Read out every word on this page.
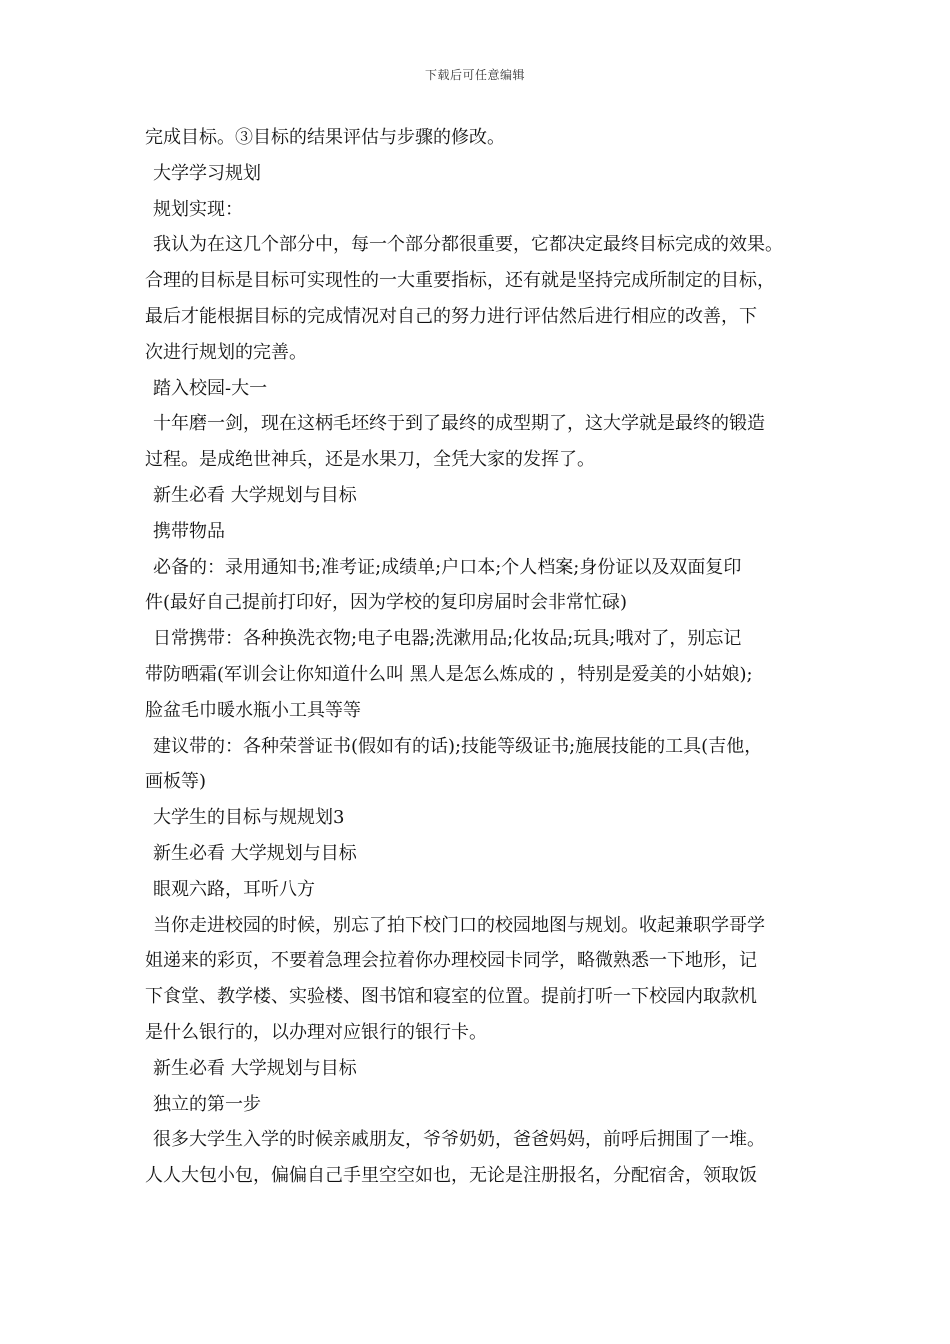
下载后可任意编辑
完成目标。③目标的结果评估与步骤的修改。
大学学习规划
规划实现：
我认为在这几个部分中，每一个部分都很重要，它都决定最终目标完成的效果。
合理的目标是目标可实现性的一大重要指标，还有就是坚持完成所制定的目标，
最后才能根据目标的完成情况对自己的努力进行评估然后进行相应的改善，下
次进行规划的完善。
踏入校园-大一
十年磨一剑，现在这柄毛坯终于到了最终的成型期了，这大学就是最终的锻造
过程。是成绝世神兵，还是水果刀，全凭大家的发挥了。
新生必看 大学规划与目标
携带物品
必备的：录用通知书;准考证;成绩单;户口本;个人档案;身份证以及双面复印
件(最好自己提前打印好，因为学校的复印房届时会非常忙碌)
日常携带：各种换洗衣物;电子电器;洗漱用品;化妆品;玩具;哦对了，别忘记
带防晒霜(军训会让你知道什么叫 黑人是怎么炼成的 ，特别是爱美的小姑娘);
脸盆毛巾暖水瓶小工具等等
建议带的：各种荣誉证书(假如有的话);技能等级证书;施展技能的工具(吉他，
画板等)
大学生的目标与规规划3
新生必看 大学规划与目标
眼观六路，耳听八方
当你走进校园的时候，别忘了拍下校门口的校园地图与规划。收起兼职学哥学
姐递来的彩页，不要着急理会拉着你办理校园卡同学，略微熟悉一下地形，记
下食堂、教学楼、实验楼、图书馆和寝室的位置。提前打听一下校园内取款机
是什么银行的，以办理对应银行的银行卡。
新生必看 大学规划与目标
独立的第一步
很多大学生入学的时候亲戚朋友，爷爷奶奶，爸爸妈妈，前呼后拥围了一堆。
人人大包小包，偏偏自己手里空空如也，无论是注册报名，分配宿舍，领取饭
